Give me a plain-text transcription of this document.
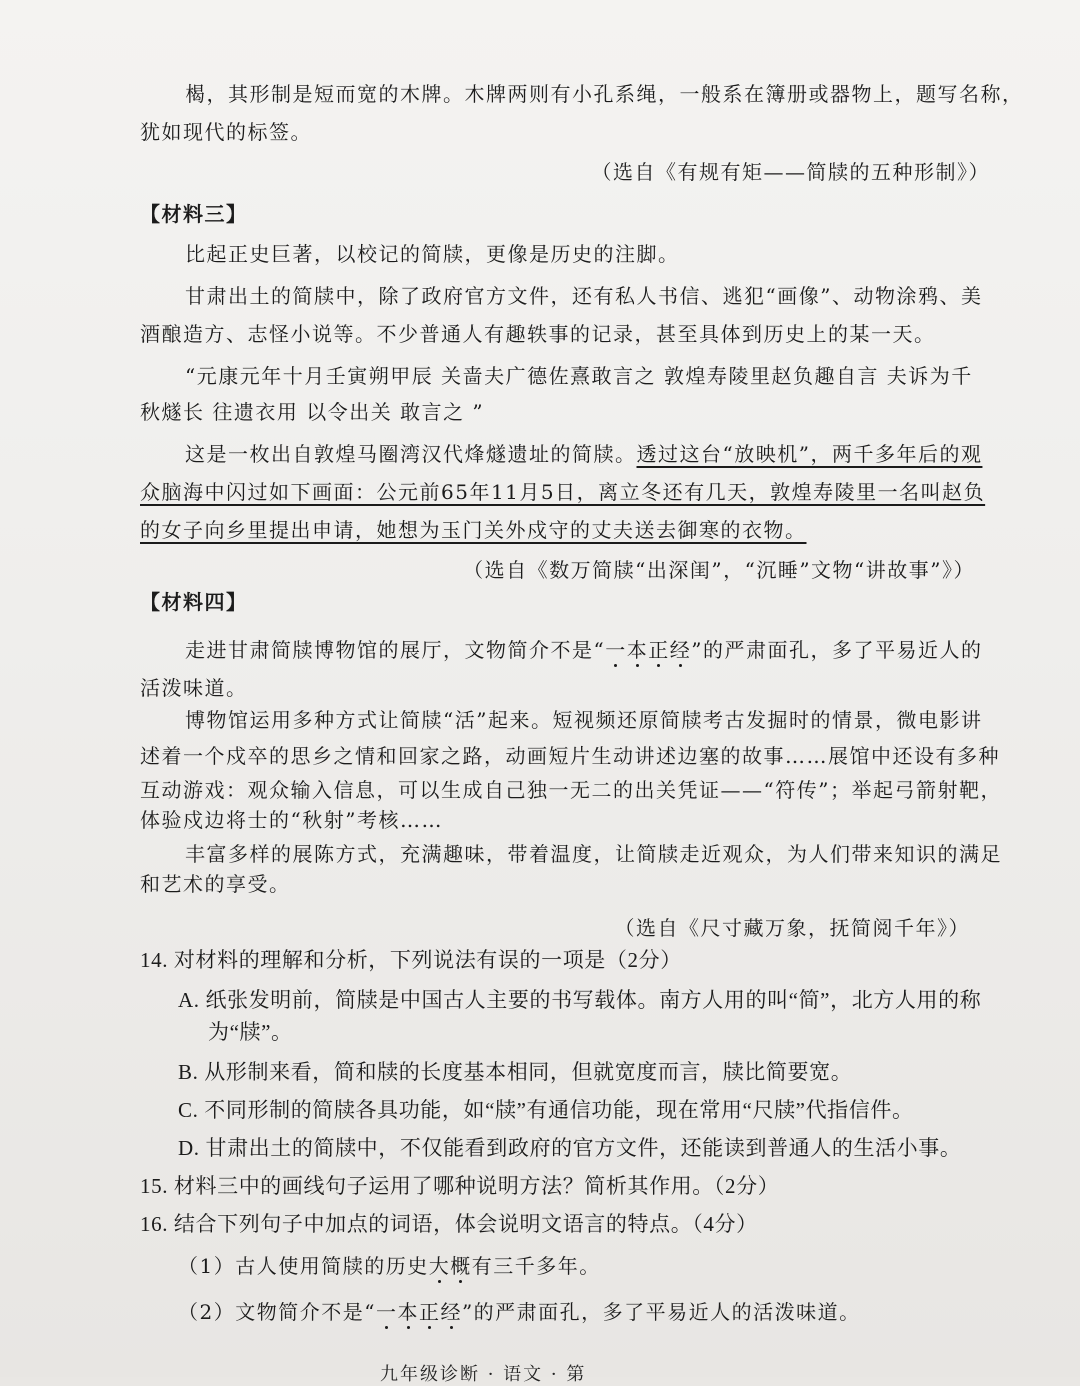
楬，其形制是短而宽的木牌。木牌两则有小孔系绳，一般系在簿册或器物上，题写名称，
犹如现代的标签。
（选自《有规有矩——简牍的五种形制》）
【材料三】
比起正史巨著，以校记的简牍，更像是历史的注脚。
甘肃出土的简牍中，除了政府官方文件，还有私人书信、逃犯“画像”、动物涂鸦、美
酒酿造方、志怪小说等。不少普通人有趣轶事的记录，甚至具体到历史上的某一天。
“元康元年十月壬寅朔甲辰 关啬夫广德佐熹敢言之 敦煌寿陵里赵负趣自言 夫诉为千
秋燧长 往遗衣用 以令出关 敢言之 ”
这是一枚出自敦煌马圈湾汉代烽燧遗址的简牍。透过这台“放映机”，两千多年后的观
众脑海中闪过如下画面：公元前65年11月5日，离立冬还有几天，敦煌寿陵里一名叫赵负
的女子向乡里提出申请，她想为玉门关外戍守的丈夫送去御寒的衣物。
（选自《数万简牍“出深闺”，“沉睡”文物“讲故事”》）
【材料四】
走进甘肃简牍博物馆的展厅，文物简介不是“一本正经”的严肃面孔，多了平易近人的
活泼味道。
博物馆运用多种方式让简牍“活”起来。短视频还原简牍考古发掘时的情景，微电影讲
述着一个戍卒的思乡之情和回家之路，动画短片生动讲述边塞的故事……展馆中还设有多种
互动游戏：观众输入信息，可以生成自己独一无二的出关凭证——“符传”；举起弓箭射靶，
体验戍边将士的“秋射”考核……
丰富多样的展陈方式，充满趣味，带着温度，让简牍走近观众，为人们带来知识的满足
和艺术的享受。
（选自《尺寸藏万象，抚简阅千年》）
14. 对材料的理解和分析，下列说法有误的一项是（2分）
A. 纸张发明前，简牍是中国古人主要的书写载体。南方人用的叫“简”，北方人用的称
为“牍”。
B. 从形制来看，简和牍的长度基本相同，但就宽度而言，牍比简要宽。
C. 不同形制的简牍各具功能，如“牍”有通信功能，现在常用“尺牍”代指信件。
D. 甘肃出土的简牍中，不仅能看到政府的官方文件，还能读到普通人的生活小事。
15. 材料三中的画线句子运用了哪种说明方法？简析其作用。（2分）
16. 结合下列句子中加点的词语，体会说明文语言的特点。（4分）
（1）古人使用简牍的历史大概有三千多年。
（2）文物简介不是“一本正经”的严肃面孔，多了平易近人的活泼味道。
九年级诊断 · 语文 · 第
